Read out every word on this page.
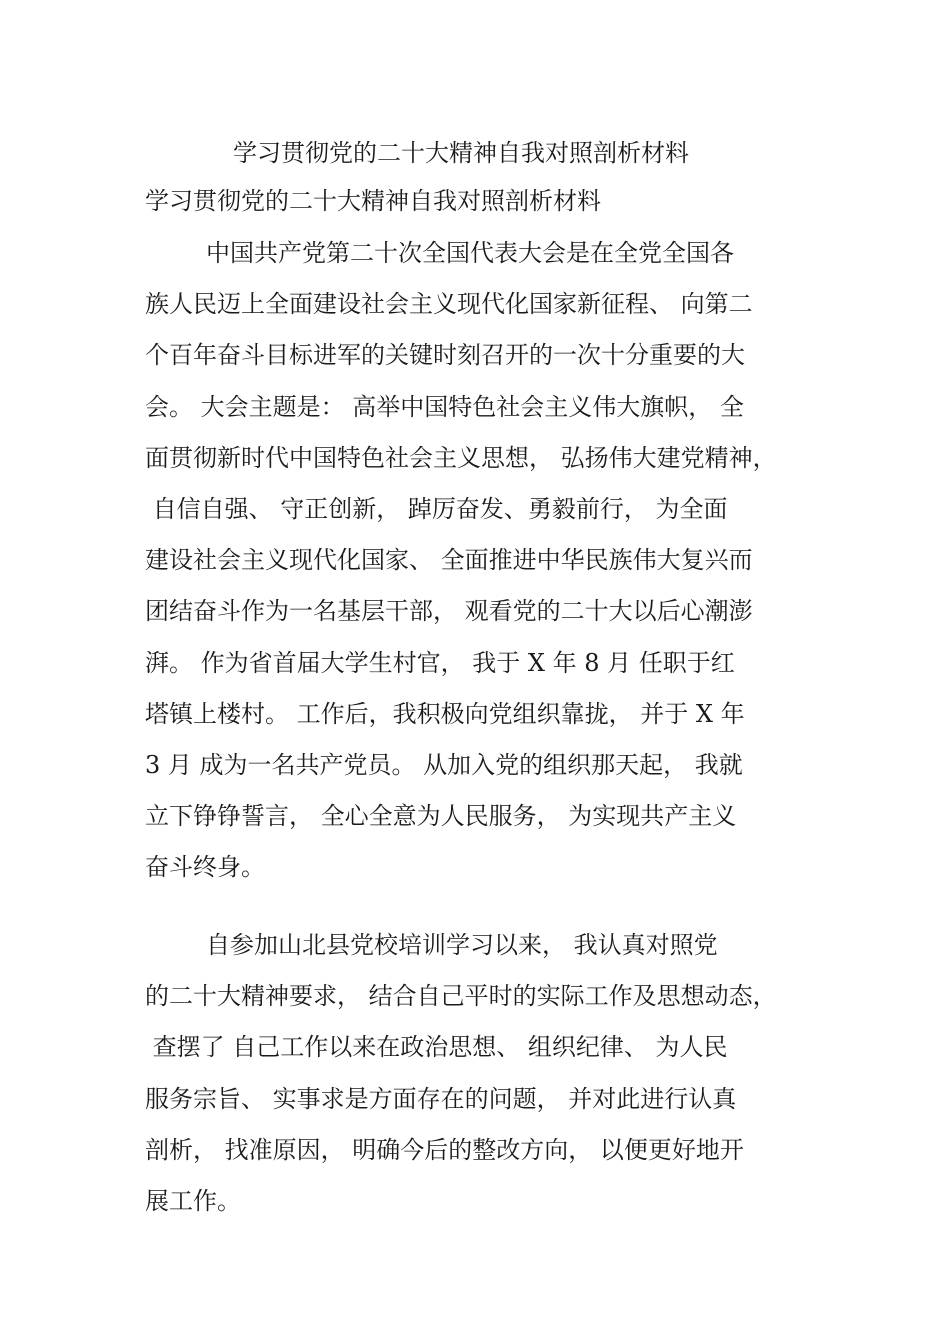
学习贯彻党的二十大精神自我对照剖析材料
学习贯彻党的二十大精神自我对照剖析材料
中国共产党第二十次全国代表大会是在全党全国各
族人民迈上全面建设社会主义现代化国家新征程、 向第二
个百年奋斗目标进军的关键时刻召开的一次十分重要的大
会。 大会主题是： 高举中国特色社会主义伟大旗帜， 全
面贯彻新时代中国特色社会主义思想， 弘扬伟大建党精神，
自信自强、 守正创新， 踔厉奋发、勇毅前行， 为全面
建设社会主义现代化国家、 全面推进中华民族伟大复兴而
团结奋斗作为一名基层干部， 观看党的二十大以后心潮澎
湃。 作为省首届大学生村官， 我于 X 年 8 月 任职于红
塔镇上楼村。 工作后，我积极向党组织靠拢， 并于 X 年
3 月 成为一名共产党员。 从加入党的组织那天起， 我就
立下铮铮誓言， 全心全意为人民服务， 为实现共产主义
奋斗终身。
自参加山北县党校培训学习以来， 我认真对照党
的二十大精神要求， 结合自己平时的实际工作及思想动态，
查摆了 自己工作以来在政治思想、 组织纪律、 为人民
服务宗旨、 实事求是方面存在的问题， 并对此进行认真
剖析， 找准原因， 明确今后的整改方向， 以便更好地开
展工作。
